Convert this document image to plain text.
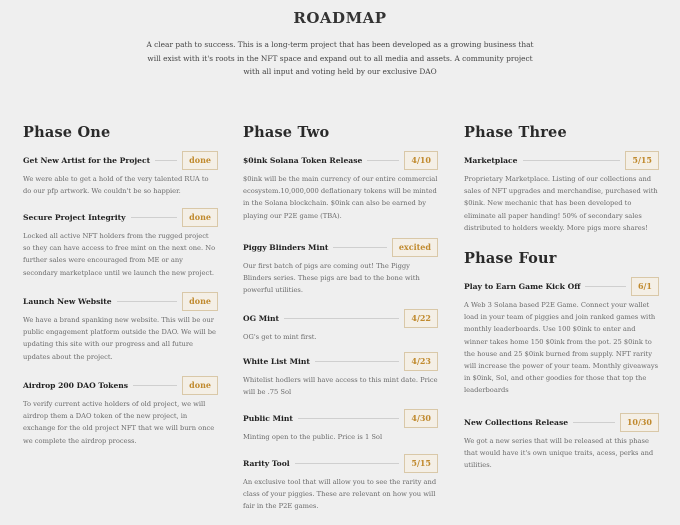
ROADMAP
A clear path to success. This is a long-term project that has been developed as a growing business that will exist with it's roots in the NFT space and expand out to all media and assets. A community project with all input and voting held by our exclusive DAO
Phase One
Get New Artist for the Project	done
We were able to get a hold of the very talented RUA to do our pfp artwork. We couldn't be so happier.
Secure Project Integrity	done
Locked all active NFT holders from the rugged project so they can have access to free mint on the next one. No further sales were encouraged from ME or any secondary marketplace until we launch the new project.
Launch New Website	done
We have a brand spanking new website. This will be our public engagement platform outside the DAO. We will be updating this site with our progress and all future updates about the project.
Airdrop 200 DAO Tokens	done
To verify current active holders of old project, we will airdrop them a DAO token of the new project, in exchange for the old project NFT that we will burn once we complete the airdrop process.
Phase Two
$0ink Solana Token Release	4/10
$0ink will be the main currency of our entire commercial ecosystem.10,000,000 deflationary tokens will be minted in the Solana blockchain. $0ink can also be earned by playing our P2E game (TBA).
Piggy Blinders Mint	excited
Our first batch of pigs are coming out! The Piggy Blinders series. These pigs are bad to the bone with powerful utilities.
OG Mint	4/22
OG's get to mint first.
White List Mint	4/23
Whitelist hodlers will have access to this mint date. Price will be .75 Sol
Public Mint	4/30
Minting open to the public. Price is 1 Sol
Rarity Tool	5/15
An exclusive tool that will allow you to see the rarity and class of your piggies. These are relevant on how you will fair in the P2E games.
Phase Three
Marketplace	5/15
Proprietary Marketplace. Listing of our collections and sales of NFT upgrades and merchandise, purchased with $0ink. New mechanic that has been developed to eliminate all paper handing! 50% of secondary sales distributed to holders weekly. More pigs more shares!
Phase Four
Play to Earn Game Kick Off	6/1
A Web 3 Solana based P2E Game. Connect your wallet load in your team of piggies and join ranked games with monthly leaderboards. Use 100 $0ink to enter and winner takes home 150 $0ink from the pot. 25 $0ink to the house and 25 $0ink burned from supply. NFT rarity will increase the power of your team. Monthly giveaways in $0ink, Sol, and other goodies for those that top the leaderboards
New Collections Release	10/30
We got a new series that will be released at this phase that would have it's own unique traits, acess, perks and utilities.
